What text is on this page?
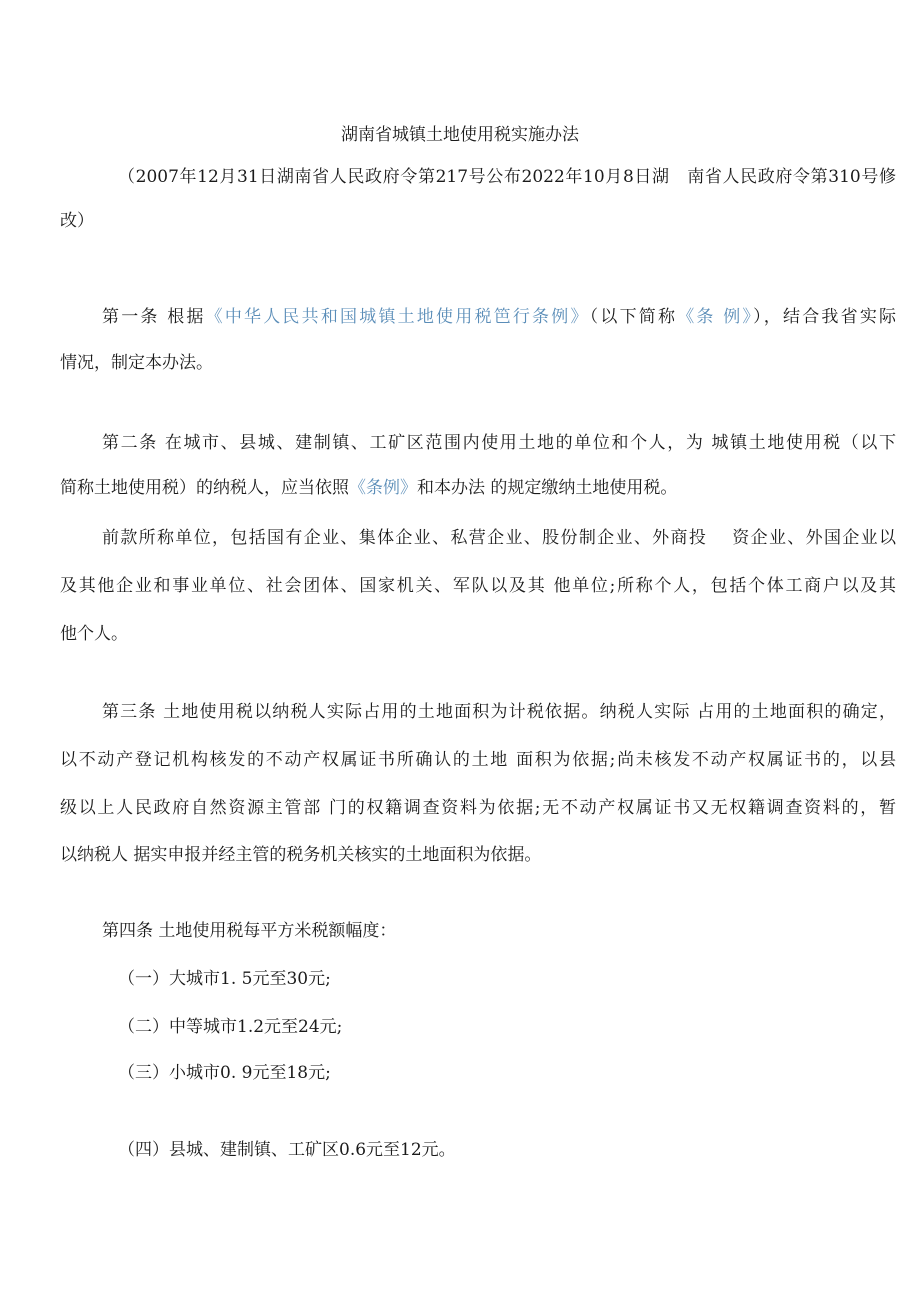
湖南省城镇土地使用税实施办法
（2007年12月31日湖南省人民政府令第217号公布2022年10月8日湖　南省人民政府令第310号修
改）
第一条 根据《中华人民共和国城镇土地使用税笆行条例》（以下简称《条 例》），结合我省实际
情况，制定本办法。
第二条 在城市、县城、建制镇、工矿区范围内使用土地的单位和个人，为 城镇土地使用税（以下
简称土地使用税）的纳税人，应当依照《条例》和本办法 的规定缴纳土地使用税。
前款所称单位，包括国有企业、集体企业、私营企业、股份制企业、外商投　 资企业、外国企业以
及其他企业和事业单位、社会团体、国家机关、军队以及其 他单位;所称个人，包括个体工商户以及其
他个人。
第三条 土地使用税以纳税人实际占用的土地面积为计税依据。纳税人实际 占用的土地面积的确定，
以不动产登记机构核发的不动产权属证书所确认的土地 面积为依据;尚未核发不动产权属证书的，以县
级以上人民政府自然资源主管部 门的权籍调查资料为依据;无不动产权属证书又无权籍调查资料的，暂
以纳税人 据实申报并经主管的税务机关核实的土地面积为依据。
第四条 土地使用税每平方米税额幅度：
（一）大城市1. 5元至30元;
（二）中等城市1.2元至24元;
（三）小城市0. 9元至18元;
（四）县城、建制镇、工矿区0.6元至12元。
